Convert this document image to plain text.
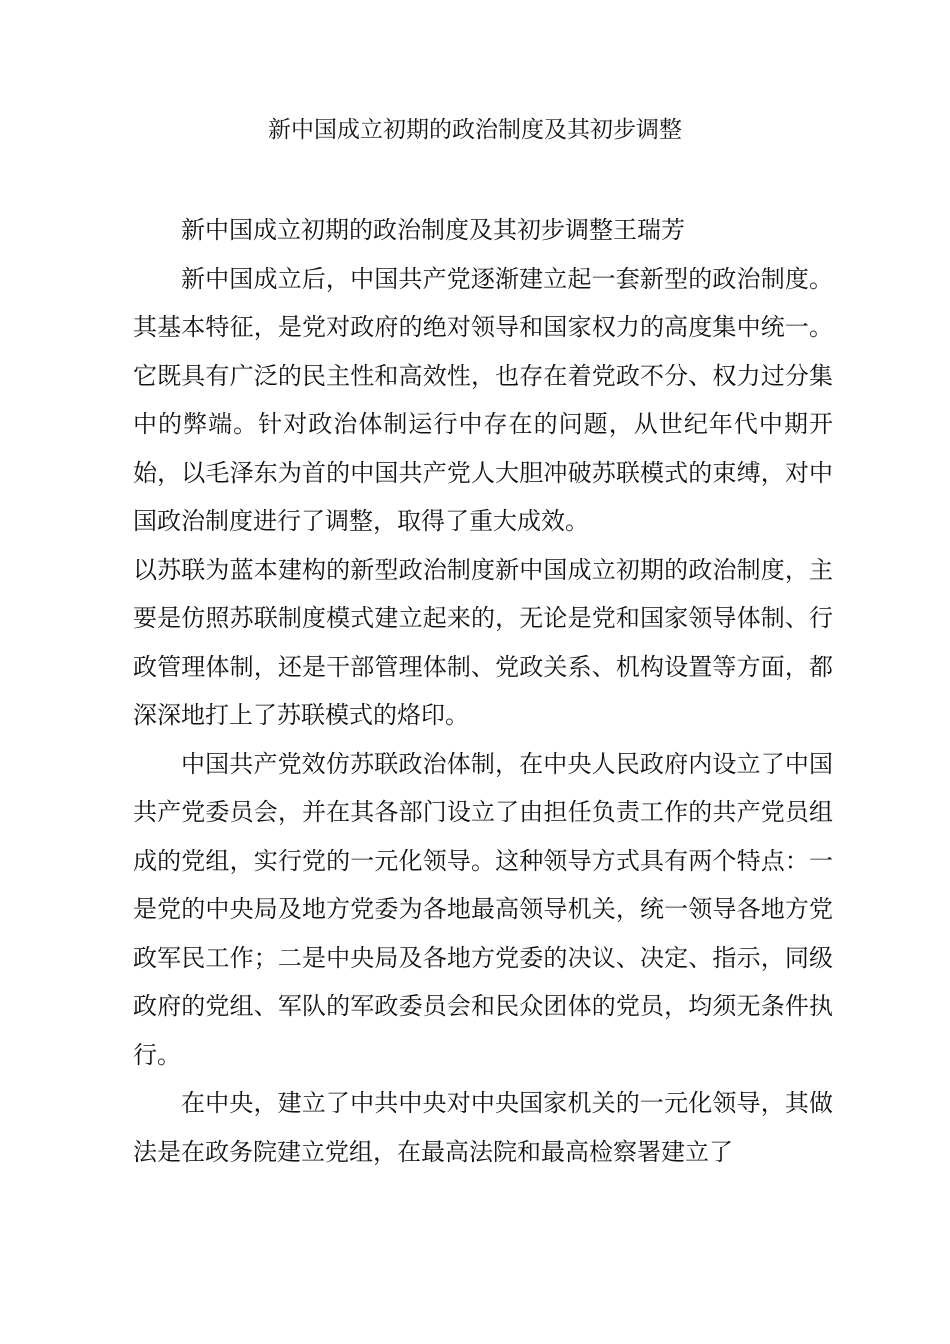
新中国成立初期的政治制度及其初步调整

新中国成立初期的政治制度及其初步调整王瑞芳

新中国成立后，中国共产党逐渐建立起一套新型的政治制度。其基本特征，是党对政府的绝对领导和国家权力的高度集中统一。它既具有广泛的民主性和高效性，也存在着党政不分、权力过分集中的弊端。针对政治体制运行中存在的问题，从世纪年代中期开始，以毛泽东为首的中国共产党人大胆冲破苏联模式的束缚，对中国政治制度进行了调整，取得了重大成效。

以苏联为蓝本建构的新型政治制度新中国成立初期的政治制度，主要是仿照苏联制度模式建立起来的，无论是党和国家领导体制、行政管理体制，还是干部管理体制、党政关系、机构设置等方面，都深深地打上了苏联模式的烙印。

中国共产党效仿苏联政治体制，在中央人民政府内设立了中国共产党委员会，并在其各部门设立了由担任负责工作的共产党员组成的党组，实行党的一元化领导。这种领导方式具有两个特点：一是党的中央局及地方党委为各地最高领导机关，统一领导各地方党政军民工作；二是中央局及各地方党委的决议、决定、指示，同级政府的党组、军队的军政委员会和民众团体的党员，均须无条件执行。

在中央，建立了中共中央对中央国家机关的一元化领导，其做法是在政务院建立党组，在最高法院和最高检察署建立了
